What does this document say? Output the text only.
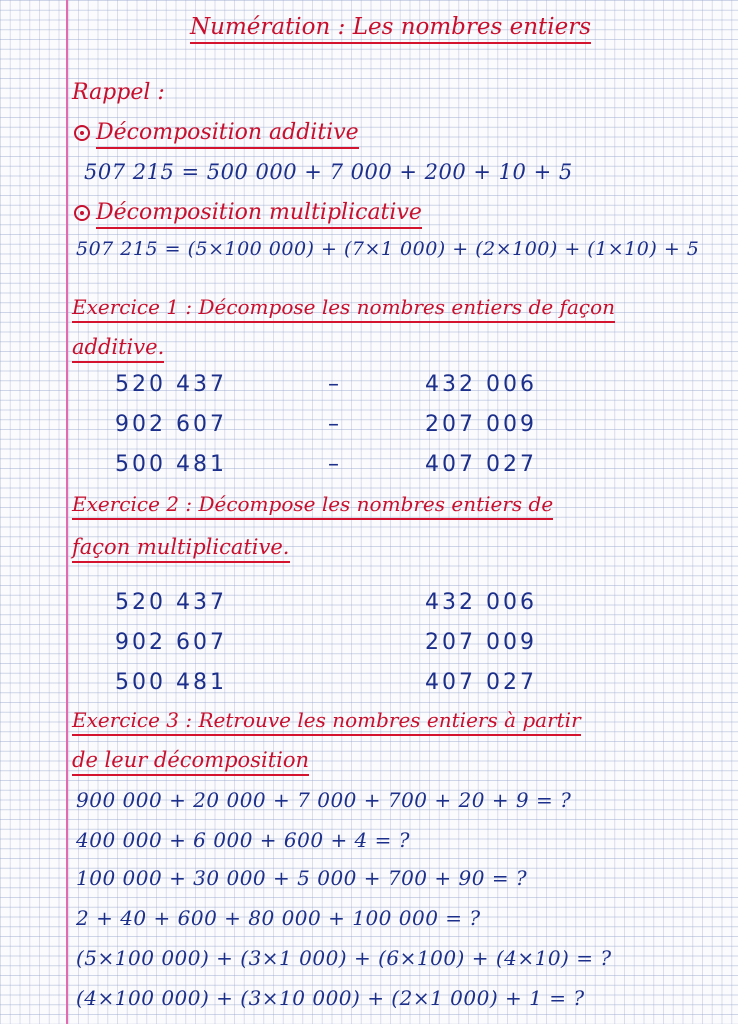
Numération : Les nombres entiers
Rappel :
Décomposition additive
507 215 = 500 000 + 7 000 + 200 + 10 + 5
Décomposition multiplicative
507 215 = (5×100 000) + (7×1 000) + (2×100) + (1×10) + 5
Exercice 1 : Décompose les nombres entiers de façon
additive.
520 437	–	432 006
902 607	–	207 009
500 481	–	407 027
Exercice 2 : Décompose les nombres entiers de
façon multiplicative.
520 437	432 006
902 607	207 009
500 481	407 027
Exercice 3 : Retrouve les nombres entiers à partir
de leur décomposition
900 000 + 20 000 + 7 000 + 700 + 20 + 9 = ?
400 000 + 6 000 + 600 + 4 = ?
100 000 + 30 000 + 5 000 + 700 + 90 = ?
2 + 40 + 600 + 80 000 + 100 000 = ?
(5×100 000) + (3×1 000) + (6×100) + (4×10) = ?
(4×100 000) + (3×10 000) + (2×1 000) + 1 = ?
